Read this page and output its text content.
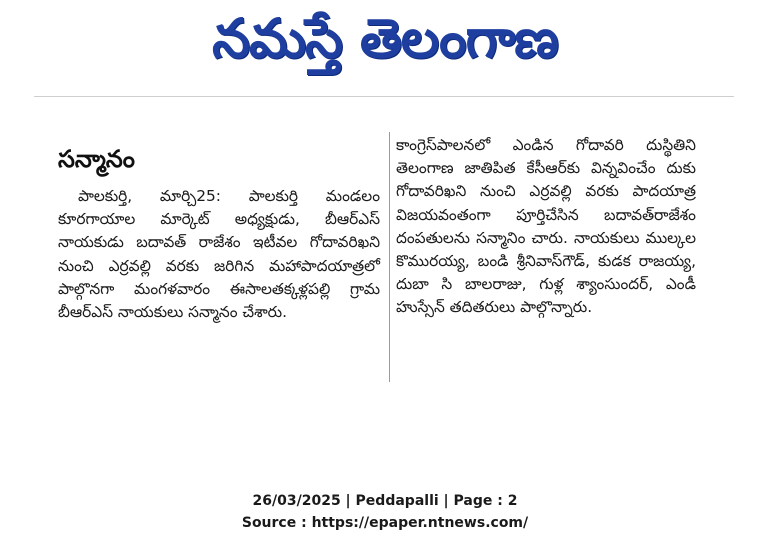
నమస్తే తెలంగాణ
సన్మానం

పాలకుర్తి, మార్చి25: పాలకుర్తి మండలం కూరగాయాల మార్కెట్ అధ్యక్షుడు, బీఆర్ఎస్ నాయకుడు బదావత్ రాజేశం ఇటీవల గోదావరిఖని నుంచి ఎర్రవల్లి వరకు జరిగిన మహాపాదయాత్రలో పాల్గొనగా మంగళవారం ఈసాలతక్కళ్లపల్లి గ్రామ బీఆర్ఎస్ నాయకులు సన్మానం చేశారు.

కాంగ్రెస్‌పాలనలో ఎండిన గోదావరి దుస్థితిని తెలంగాణ జాతిపిత కేసీఆర్‌కు విన్నవించేం దుకు గోదావరిఖని నుంచి ఎర్రవల్లి వరకు పాదయాత్ర విజయవంతంగా పూర్తిచేసిన బదావత్‌రాజేశం దంపతులను సన్మానిం చారు. నాయకులు ముల్కల కొమురయ్య, బండి శ్రీనివాస్‌గౌడ్, కుడక రాజయ్య, దుబా సి బాలరాజు, గుళ్ల శ్యాంసుందర్, ఎండీ హుస్సేన్ తదితరులు పాల్గొన్నారు.

26/03/2025 | Peddapalli | Page : 2
Source : https://epaper.ntnews.com/
